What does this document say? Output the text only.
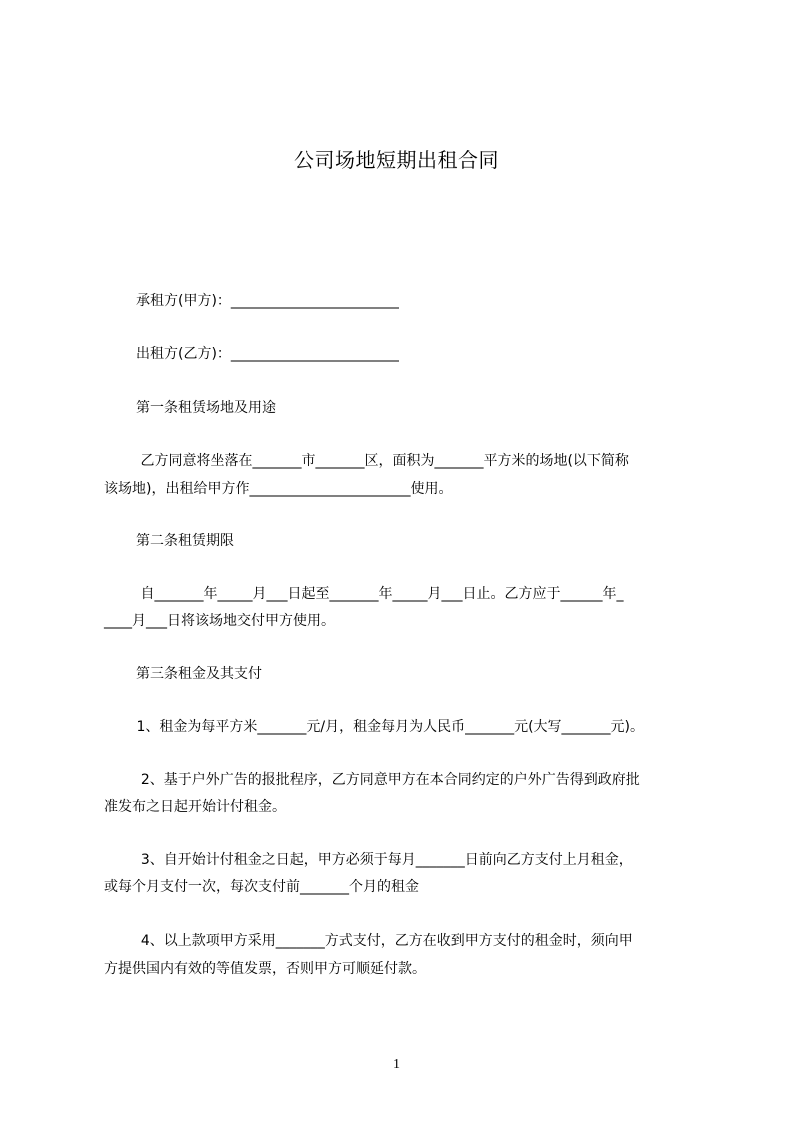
公司场地短期出租合同
承租方(甲方)：________________________
出租方(乙方)：________________________
第一条租赁场地及用途
乙方同意将坐落在_______市_______区，面积为_______平方米的场地(以下简称
该场地)，出租给甲方作_______________________使用。
第二条租赁期限
自_______年_____月___日起至_______年_____月___日止。乙方应于______年_
____月___日将该场地交付甲方使用。
第三条租金及其支付
1、租金为每平方米_______元/月，租金每月为人民币_______元(大写_______元)。
2、基于户外广告的报批程序，乙方同意甲方在本合同约定的户外广告得到政府批
准发布之日起开始计付租金。
3、自开始计付租金之日起，甲方必须于每月_______日前向乙方支付上月租金，
或每个月支付一次，每次支付前_______个月的租金
4、以上款项甲方采用_______方式支付，乙方在收到甲方支付的租金时，须向甲
方提供国内有效的等值发票，否则甲方可顺延付款。
1
